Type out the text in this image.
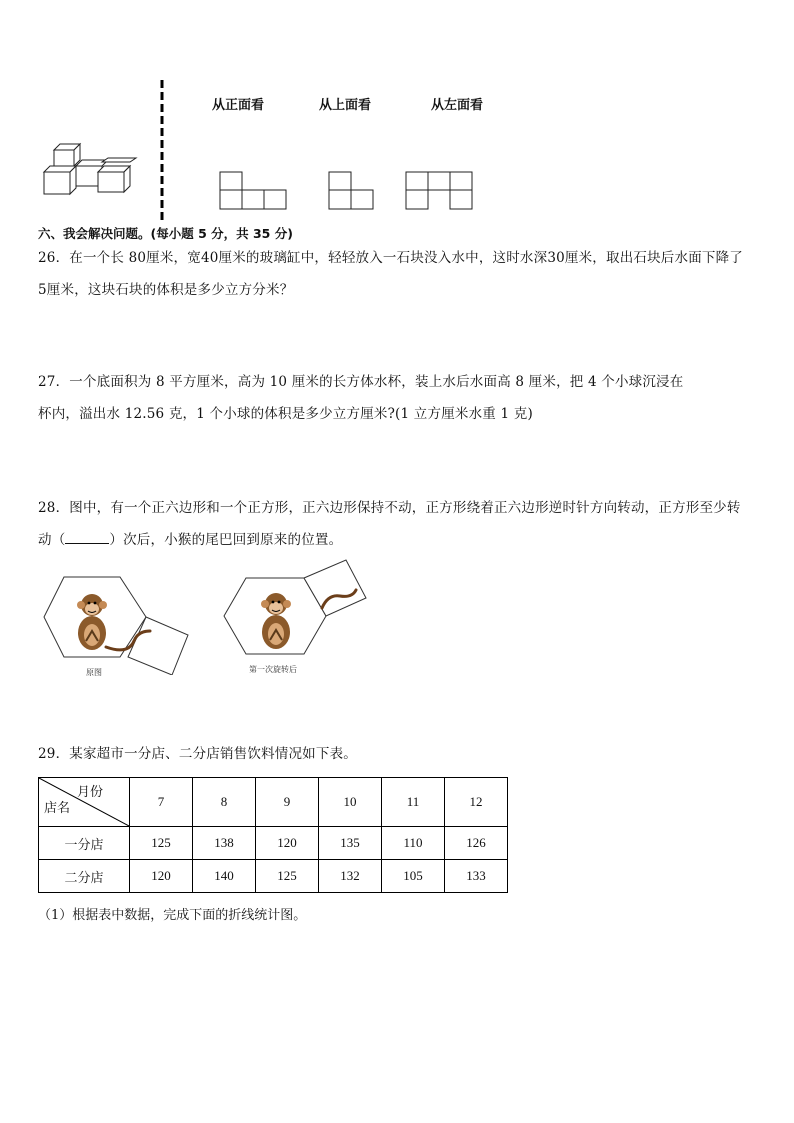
从正面看	从上面看	从左面看
六、我会解决问题。(每小题 5 分，共 35 分)
26．在一个长 80厘米，宽40厘米的玻璃缸中，轻轻放入一石块没入水中，这时水深30厘米，取出石块后水面下降了
5厘米，这块石块的体积是多少立方分米？
27．一个底面积为 8 平方厘米，高为 10 厘米的长方体水杯，装上水后水面高 8 厘米，把 4 个小球沉浸在
杯内，溢出水 12.56 克，1 个小球的体积是多少立方厘米?(1 立方厘米水重 1 克)
28．图中，有一个正六边形和一个正方形，正六边形保持不动，正方形绕着正六边形逆时针方向转动，正方形至少转
动（	）次后，小猴的尾巴回到原来的位置。
原图	第一次旋转后
29．某家超市一分店、二分店销售饮料情况如下表。
月份
店名	7	8	9	10	11	12
一分店	125	138	120	135	110	126
二分店	120	140	125	132	105	133
（1）根据表中数据，完成下面的折线统计图。
